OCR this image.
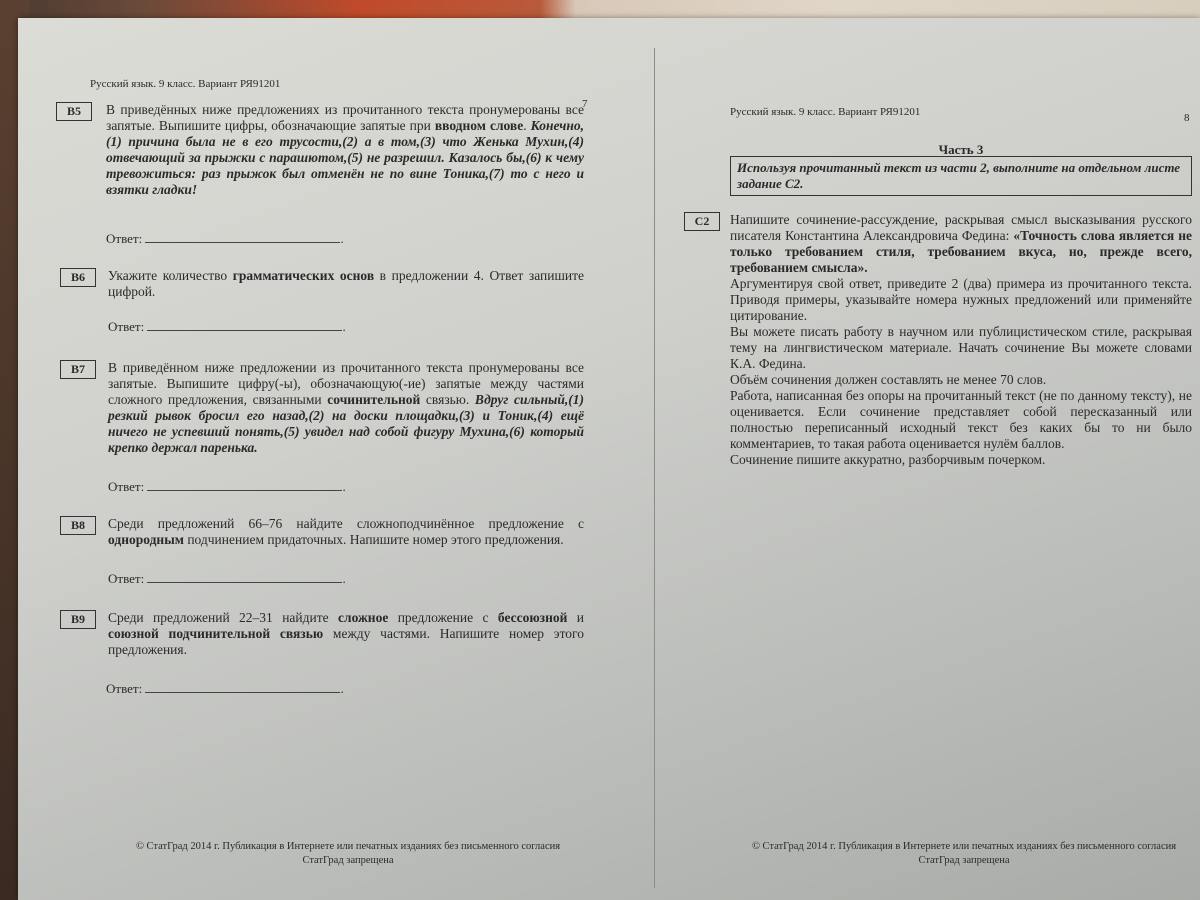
Русский язык. 9 класс. Вариант РЯ91201
7
B5	В приведённых ниже предложениях из прочитанного текста пронумерованы все запятые. Выпишите цифры, обозначающие запятые при вводном слове. Конечно,(1) причина была не в его трусости,(2) а в том,(3) что Женька Мухин,(4) отвечающий за прыжки с парашютом,(5) не разрешил. Казалось бы,(6) к чему тревожиться: раз прыжок был отменён не по вине Тоника,(7) то с него и взятки гладки!
Ответ:	.
B6	Укажите количество грамматических основ в предложении 4. Ответ запишите цифрой.
Ответ:	.
B7	В приведённом ниже предложении из прочитанного текста пронумерованы все запятые. Выпишите цифру(-ы), обозначающую(-ие) запятые между частями сложного предложения, связанными сочинительной связью. Вдруг сильный,(1) резкий рывок бросил его назад,(2) на доски площадки,(3) и Тоник,(4) ещё ничего не успевший понять,(5) увидел над собой фигуру Мухина,(6) который крепко держал паренька.
Ответ:	.
B8	Среди предложений 66–76 найдите сложноподчинённое предложение с однородным подчинением придаточных. Напишите номер этого предложения.
Ответ:	.
B9	Среди предложений 22–31 найдите сложное предложение с бессоюзной и союзной подчинительной связью между частями. Напишите номер этого предложения.
Ответ:	.
© СтатГрад 2014 г. Публикация в Интернете или печатных изданиях без письменного согласия
СтатГрад запрещена
Русский язык. 9 класс. Вариант РЯ91201	8
Часть 3
Используя прочитанный текст из части 2, выполните на отдельном листе задание С2.
С2	Напишите сочинение-рассуждение, раскрывая смысл высказывания русского писателя Константина Александровича Федина: «Точность слова является не только требованием стиля, требованием вкуса, но, прежде всего, требованием смысла».

Аргументируя свой ответ, приведите 2 (два) примера из прочитанного текста. Приводя примеры, указывайте номера нужных предложений или применяйте цитирование.

Вы можете писать работу в научном или публицистическом стиле, раскрывая тему на лингвистическом материале. Начать сочинение Вы можете словами К.А. Федина.

Объём сочинения должен составлять не менее 70 слов.

Работа, написанная без опоры на прочитанный текст (не по данному тексту), не оценивается. Если сочинение представляет собой пересказанный или полностью переписанный исходный текст без каких бы то ни было комментариев, то такая работа оценивается нулём баллов.

Сочинение пишите аккуратно, разборчивым почерком.

© СтатГрад 2014 г. Публикация в Интернете или печатных изданиях без письменного согласия
СтатГрад запрещена
